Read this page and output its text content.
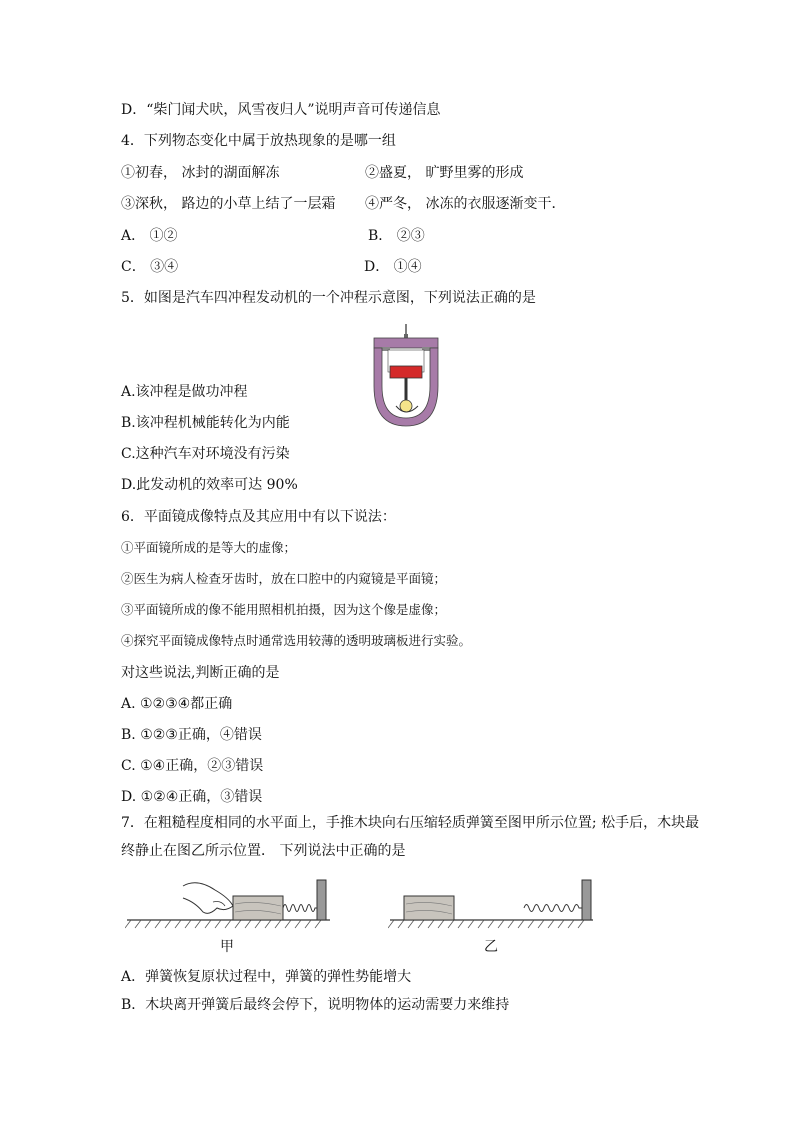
D．“柴门闻犬吠，风雪夜归人”说明声音可传递信息
4．下列物态变化中属于放热现象的是哪一组
①初春， 冰封的湖面解冻	②盛夏， 旷野里雾的形成
③深秋， 路边的小草上结了一层霜 ④严冬， 冰冻的衣服逐渐变干．
A． ①②	B． ②③
C． ③④	D． ①④
5．如图是汽车四冲程发动机的一个冲程示意图，下列说法正确的是
A.该冲程是做功冲程
B.该冲程机械能转化为内能
C.这种汽车对环境没有污染
D.此发动机的效率可达 90%
6．平面镜成像特点及其应用中有以下说法：
①平面镜所成的是等大的虚像；
②医生为病人检查牙齿时，放在口腔中的内窥镜是平面镜；
③平面镜所成的像不能用照相机拍摄，因为这个像是虚像；
④探究平面镜成像特点时通常选用较薄的透明玻璃板进行实验。
对这些说法,判断正确的是
A. ①②③④都正确
B. ①②③正确，④错误
C. ①④正确，②③错误
D. ①②④正确，③错误
7．在粗糙程度相同的水平面上，手推木块向右压缩轻质弹簧至图甲所示位置; 松手后，木块最
终静止在图乙所示位置． 下列说法中正确的是
甲	乙
A．弹簧恢复原状过程中，弹簧的弹性势能增大
B．木块离开弹簧后最终会停下，说明物体的运动需要力来维持
